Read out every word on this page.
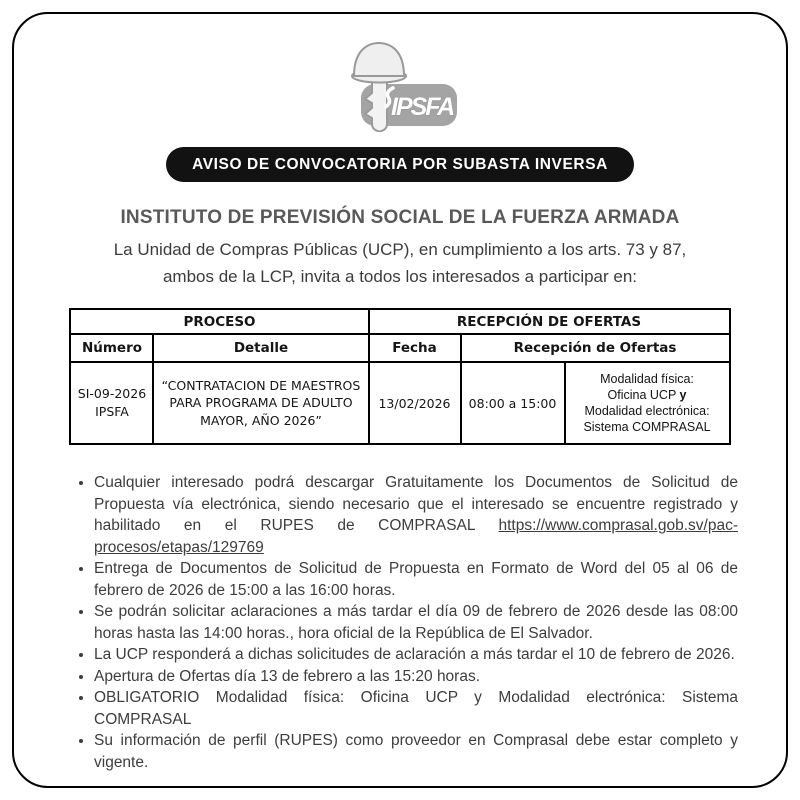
IPSFA
AVISO DE CONVOCATORIA POR SUBASTA INVERSA
INSTITUTO DE PREVISIÓN SOCIAL DE LA FUERZA ARMADA

La Unidad de Compras Públicas (UCP), en cumplimiento a los arts. 73 y 87,
ambos de la LCP, invita a todos los interesados a participar en:

PROCESO		RECEPCIÓN DE OFERTAS		
Número	Detalle	Fecha	Recepción de Ofertas	
SI-09-2026 IPSFA	“CONTRATACION DE MAESTROS PARA PROGRAMA DE ADULTO MAYOR, AÑO 2026”	13/02/2026	08:00 a 15:00	Modalidad física:
Oficina UCP y
Modalidad electrónica:
Sistema COMPRASAL
• Cualquier interesado podrá descargar Gratuitamente los Documentos de Solicitud de Propuesta vía electrónica, siendo necesario que el interesado se encuentre registrado y habilitado en el RUPES de COMPRASAL https://www.comprasal.gob.sv/pac-procesos/etapas/129769
• Entrega de Documentos de Solicitud de Propuesta en Formato de Word del 05 al 06 de febrero de 2026 de 15:00 a las 16:00 horas.
• Se podrán solicitar aclaraciones a más tardar el día 09 de febrero de 2026 desde las 08:00 horas hasta las 14:00 horas., hora oficial de la República de El Salvador.
• La UCP responderá a dichas solicitudes de aclaración a más tardar el 10 de febrero de 2026.
• Apertura de Ofertas día 13 de febrero a las 15:20 horas.
• OBLIGATORIO Modalidad física: Oficina UCP y Modalidad electrónica: Sistema COMPRASAL
• Su información de perfil (RUPES) como proveedor en Comprasal debe estar completo y vigente.
